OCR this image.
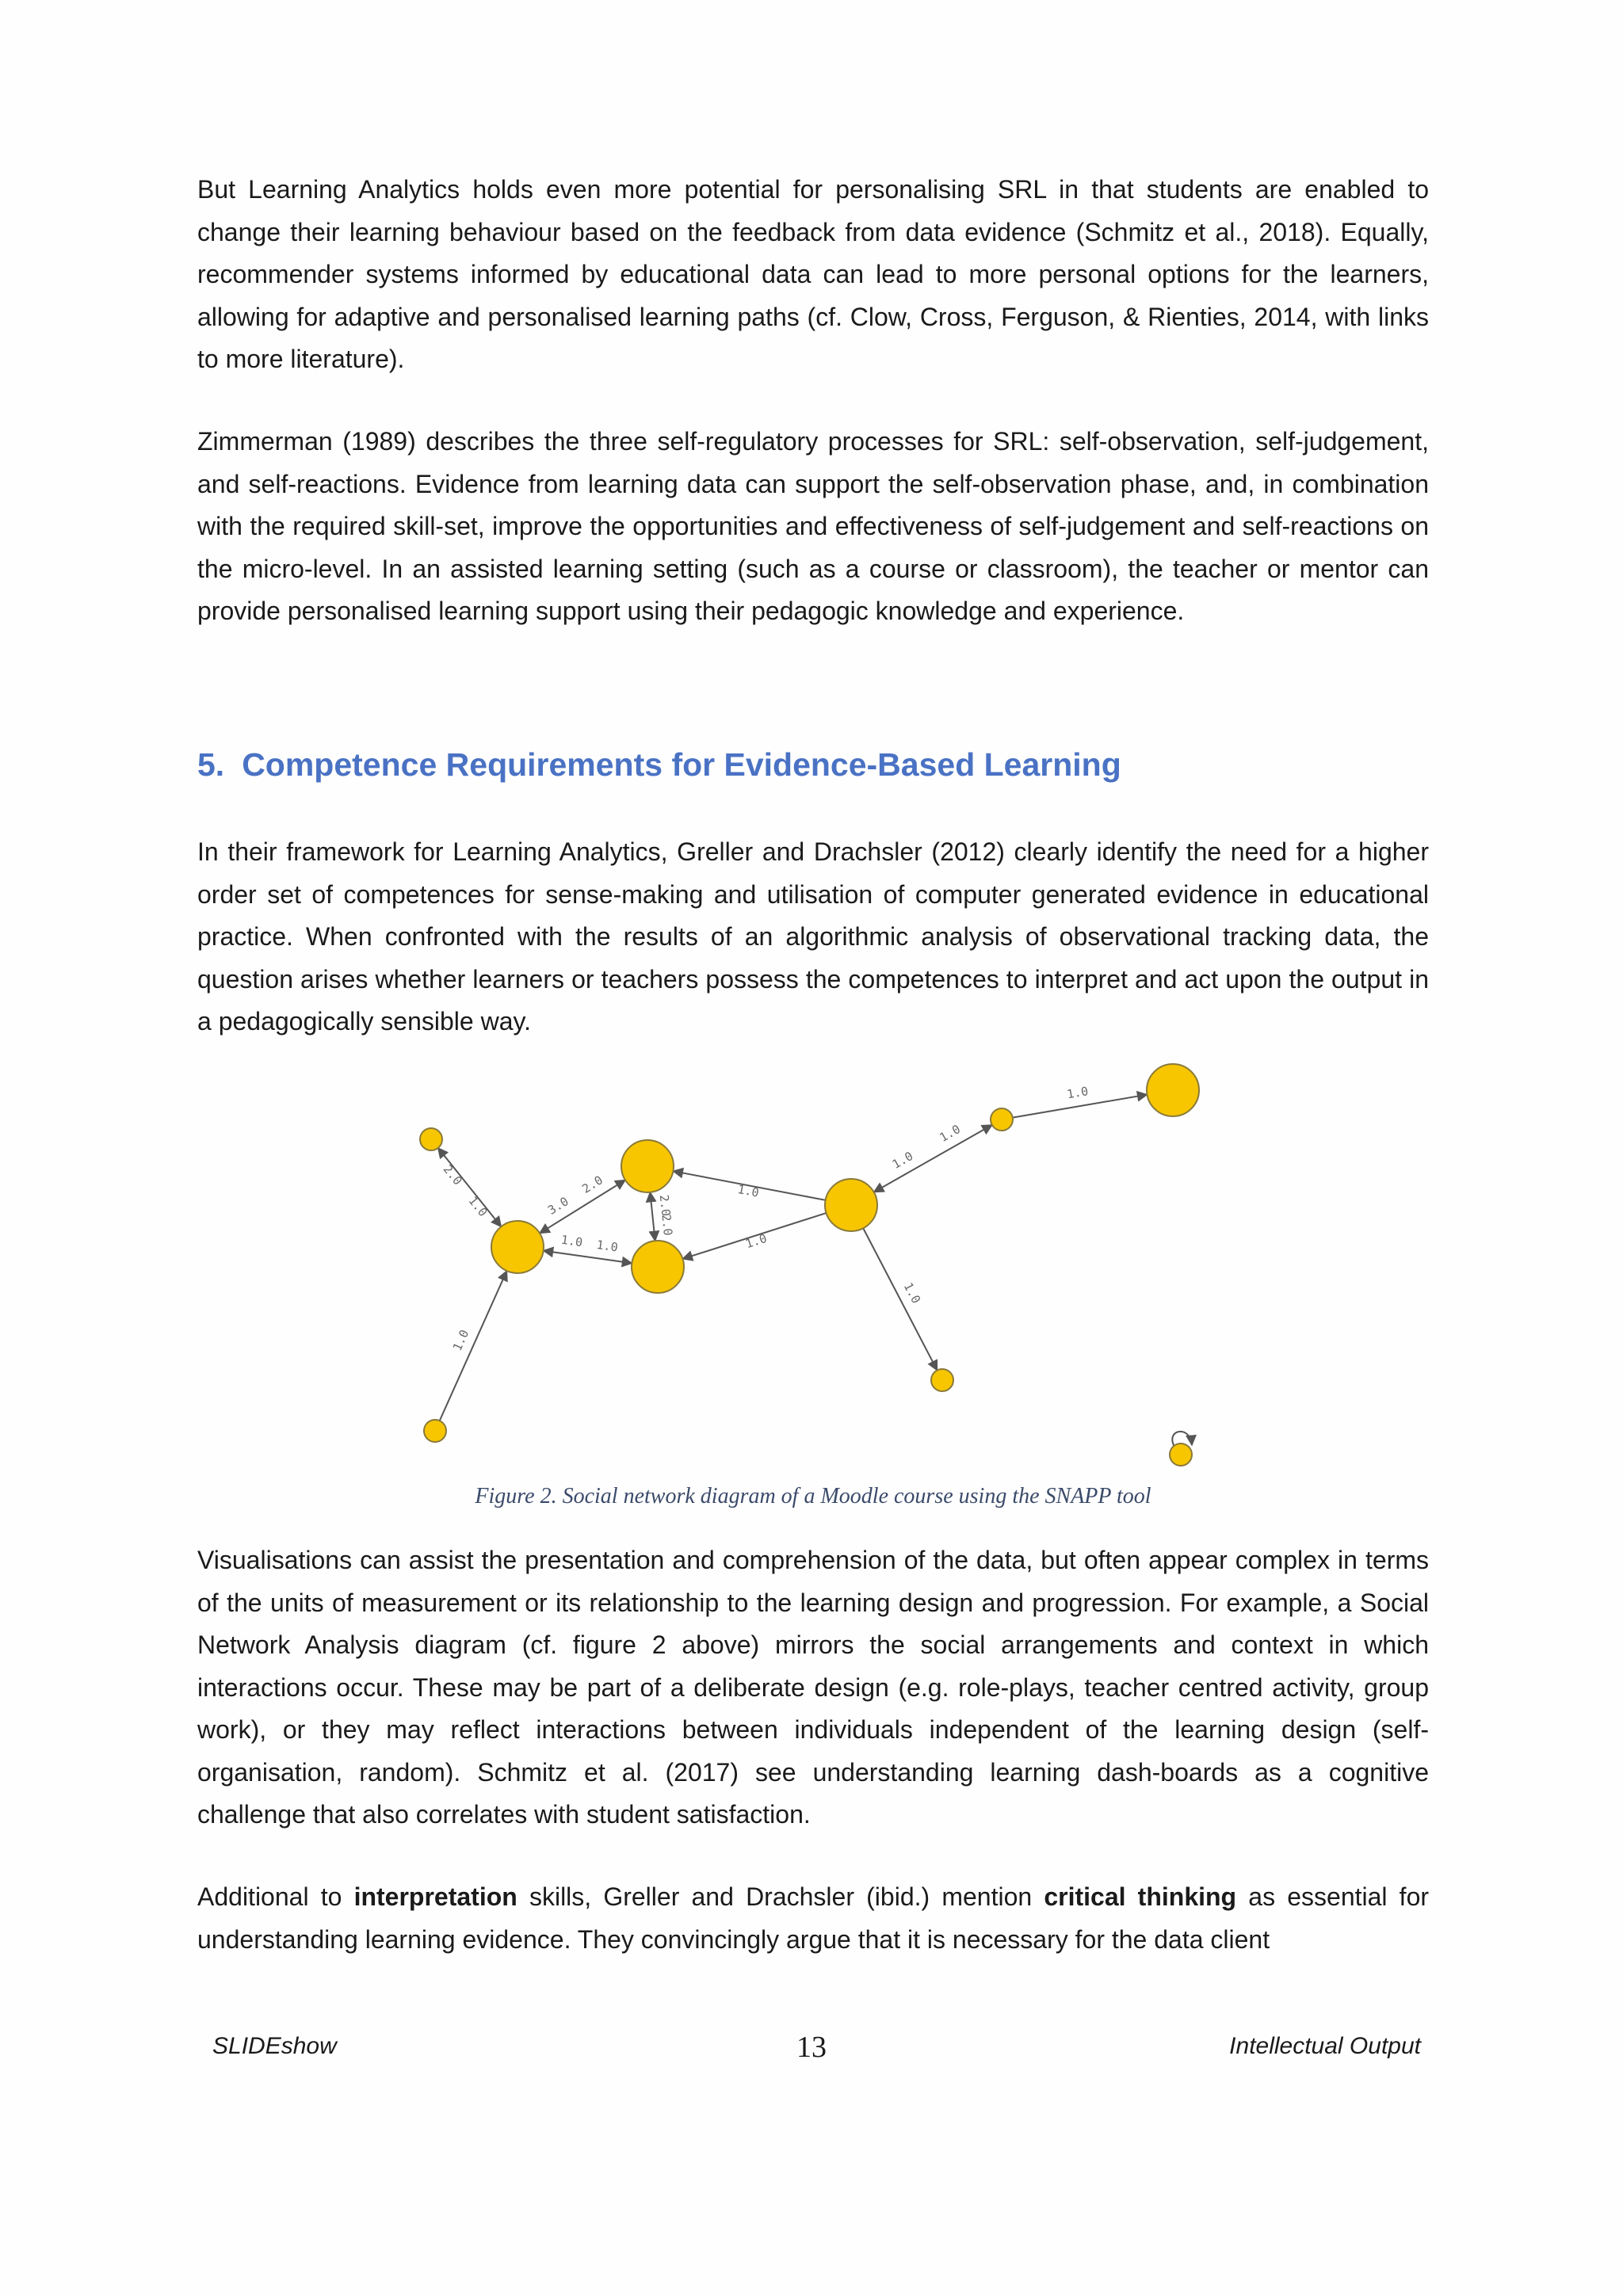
But Learning Analytics holds even more potential for personalising SRL in that students are enabled to change their learning behaviour based on the feedback from data evidence (Schmitz et al., 2018). Equally, recommender systems informed by educational data can lead to more personal options for the learners, allowing for adaptive and personalised learning paths (cf. Clow, Cross, Ferguson, & Rienties, 2014, with links to more literature).

Zimmerman (1989) describes the three self-regulatory processes for SRL: self-observation, self-judgement, and self-reactions. Evidence from learning data can support the self-observation phase, and, in combination with the required skill-set, improve the opportunities and effectiveness of self-judgement and self-reactions on the micro-level. In an assisted learning setting (such as a course or classroom), the teacher or mentor can provide personalised learning support using their pedagogic knowledge and experience.

5. Competence Requirements for Evidence-Based Learning

In their framework for Learning Analytics, Greller and Drachsler (2012) clearly identify the need for a higher order set of competences for sense-making and utilisation of computer generated evidence in educational practice. When confronted with the results of an algorithmic analysis of observational tracking data, the question arises whether learners or teachers possess the competences to interpret and act upon the output in a pedagogically sensible way.

1.0
2.0
3.0
2.0
2.0
2.0
1.0 1.0
1.0
1.0
1.0
1.0
1.0
1.0
1.0
Figure 2. Social network diagram of a Moodle course using the SNAPP tool

Visualisations can assist the presentation and comprehension of the data, but often appear complex in terms of the units of measurement or its relationship to the learning design and progression. For example, a Social Network Analysis diagram (cf. figure 2 above) mirrors the social arrangements and context in which interactions occur. These may be part of a deliberate design (e.g. role-plays, teacher centred activity, group work), or they may reflect interactions between individuals independent of the learning design (self-organisation, random). Schmitz et al. (2017) see understanding learning dash-boards as a cognitive challenge that also correlates with student satisfaction.

Additional to interpretation skills, Greller and Drachsler (ibid.) mention critical thinking as essential for understanding learning evidence. They convincingly argue that it is necessary for the data client

SLIDEshow	13	Intellectual Output
